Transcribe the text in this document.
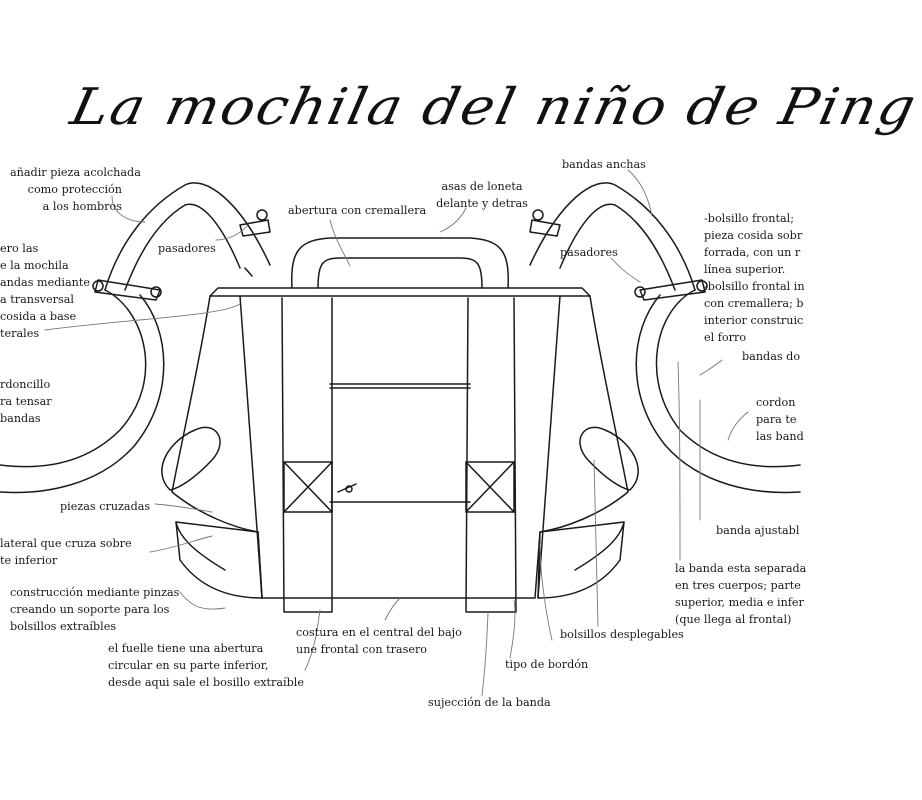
La mochila del niño de Ping

añadir pieza acolchada
como protección
a los hombros

ero las
e la mochila
andas mediante
a transversal
cosida a base
terales

pasadores

rdoncillo
ra tensar
bandas

piezas cruzadas

lateral que cruza sobre
te inferior

construcción mediante pinzas
creando un soporte para los
bolsillos extraíbles

el fuelle tiene una abertura
circular en su parte inferior,
desde aqui sale el bosillo extraíble

abertura con cremallera

asas de loneta
delante y detras

bandas anchas

pasadores

-bolsillo frontal;
pieza cosida sobr
forrada, con un r
línea superior.
-bolsillo frontal in
con cremallera; b
interior construic
el forro

bandas do

cordon
para te
las band

banda ajustabl

la banda esta separada
en tres cuerpos; parte
superior, media e infer
(que llega al frontal)

costura en el central del bajo
une frontal con trasero

bolsillos desplegables

tipo de bordón

sujección de la banda
